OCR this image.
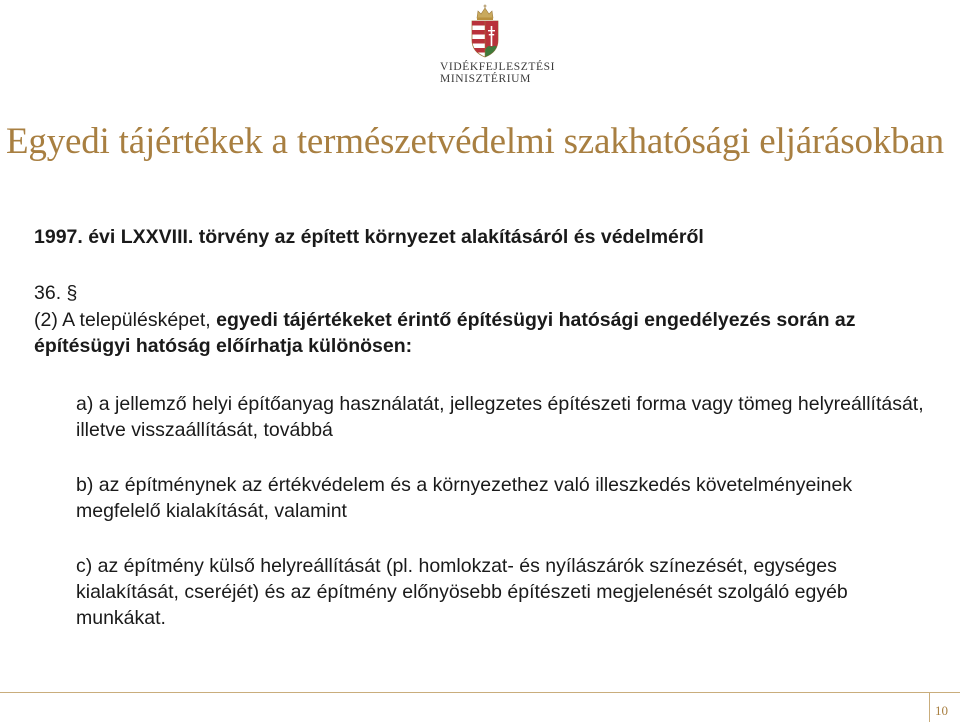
VIDÉKFEJLESZTÉSI
MINISZTÉRIUM
Egyedi tájértékek a természetvédelmi szakhatósági eljárásokban
1997. évi LXXVIII. törvény az épített környezet alakításáról és védelméről
36. §
(2) A településképet, egyedi tájértékeket érintő építésügyi hatósági engedélyezés során az építésügyi hatóság előírhatja különösen:
a) a jellemző helyi építőanyag használatát, jellegzetes építészeti forma vagy tömeg helyreállítását, illetve visszaállítását, továbbá
b) az építménynek az értékvédelem és a környezethez való illeszkedés követelményeinek megfelelő kialakítását, valamint
c) az építmény külső helyreállítását (pl. homlokzat- és nyílászárók színezését, egységes kialakítását, cseréjét) és az építmény előnyösebb építészeti megjelenését szolgáló egyéb munkákat.
10
